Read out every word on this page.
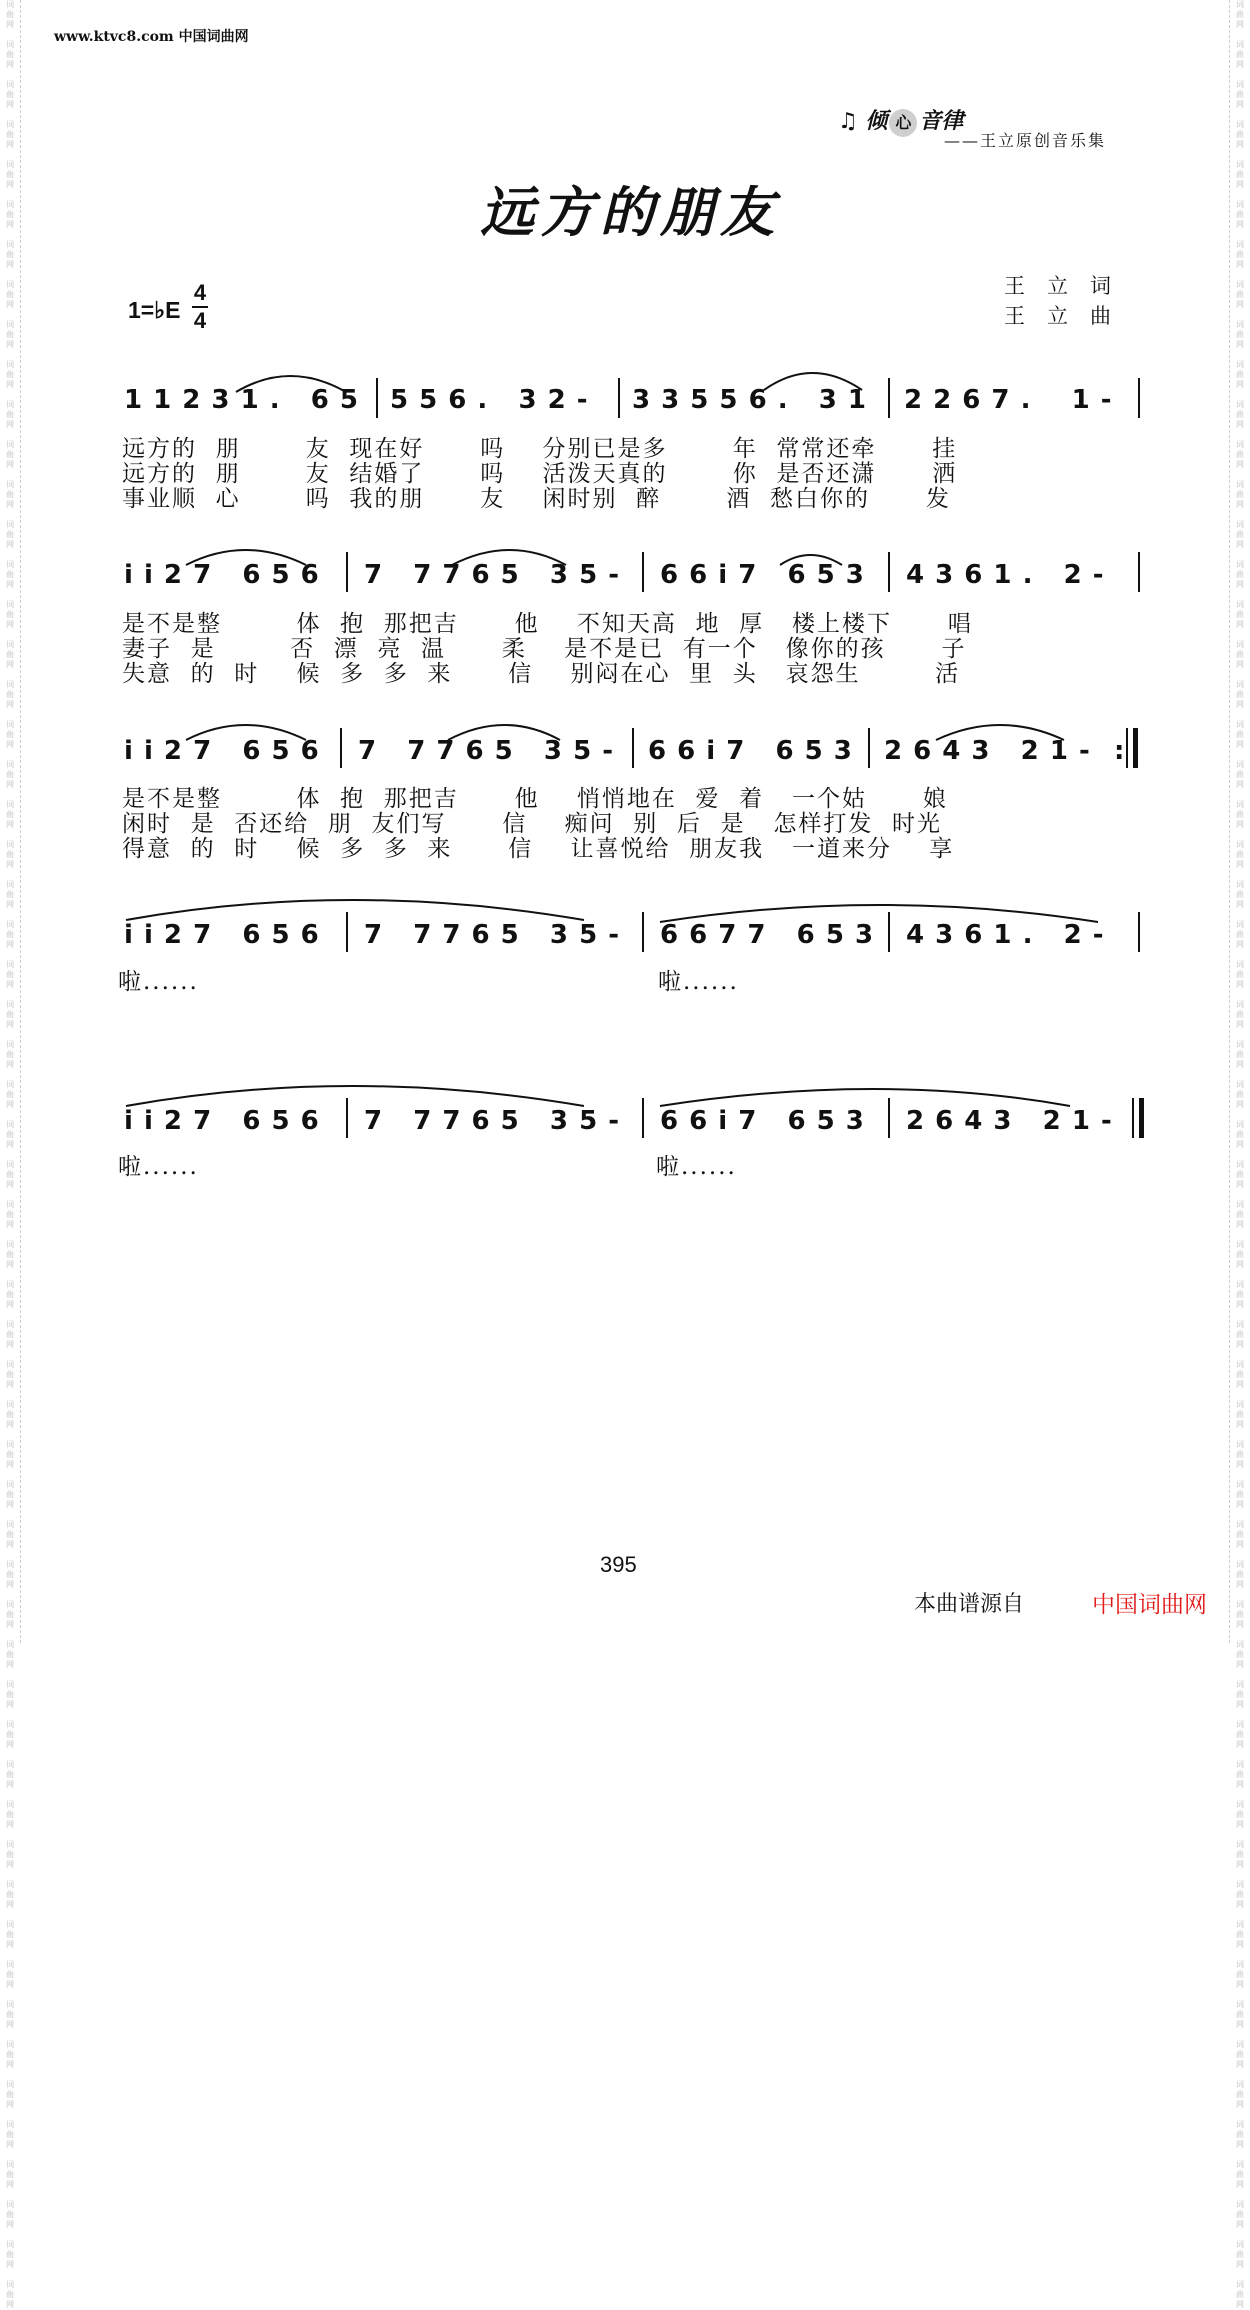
词
曲
网

词
曲
网

词
曲
网

词
曲
网

词
曲
网

词
曲
网

词
曲
网

词
曲
网

词
曲
网

词
曲
网

词
曲
网

词
曲
网

词
曲
网

词
曲
网

词
曲
网

词
曲
网

词
曲
网

词
曲
网

词
曲
网

词
曲
网

词
曲
网

词
曲
网

词
曲
网

词
曲
网

词
曲
网

词
曲
网

词
曲
网

词
曲
网

词
曲
网

词
曲
网

词
曲
网

词
曲
网

词
曲
网

词
曲
网

词
曲
网

词
曲
网

词
曲
网

词
曲
网

词
曲
网

词
曲
网

词
曲
网

词
曲
网

词
曲
网

词
曲
网

词
曲
网

词
曲
网

词
曲
网

词
曲
网

词
曲
网

词
曲
网

词
曲
网

词
曲
网

词
曲
网

词
曲
网

词
曲
网

词
曲
网

词
曲
网

词
曲
网

词
曲
网

词
曲
网

词
曲
网

词
曲
网

词
曲
网

词
曲
网

词
曲
网

词
曲
网

词
曲
网

词
曲
网

词
曲
网

词
曲
网

词
曲
网

词
曲
网

词
曲
网

词
曲
网

词
曲
网

词
曲
网

词
曲
网

词
曲
网

词
曲
网

词
曲
网

词
曲
网

词
曲
网

词
曲
网

词
曲
网

词
曲
网

词
曲
网

词
曲
网

词
曲
网

词
曲
网

词
曲
网

词
曲
网

词
曲
网

词
曲
网

词
曲
网

词
曲
网

词
曲
网

词
曲
网

词
曲
网

词
曲
网

词
曲
网

词
曲
网

词
曲
网

词
曲
网

词
曲
网

词
曲
网

词
曲
网

词
曲
网

词
曲
网

词
曲
网

词
曲
网

词
曲
网

词
曲
网

词
曲
网

词
曲
网

词
曲
网

词
曲
网

www.ktvc8.com 中国词曲网
♫ 倾 心 音律
——王立原创音乐集
远方的朋友
王立词
王立曲
1=♭E
4
4
1 1 2 3 1 .   6 5 5 5 6 .   3 2 - 3 3 5 5 6 .   3 1 2 2 6 7 .    1 -
远方的  朋       友  现在好      吗    分别已是多       年  常常还牵      挂
远方的  朋       友  结婚了      吗    活泼天真的       你  是否还潇      洒
事业顺  心       吗  我的朋      友    闲时别  醉       酒  愁白你的      发
i i 2 7   6 5 6 7   7 7 6 5   3 5 - 6 6 i 7   6 5 3 4 3 6 1 .   2 -
是不是整        体  抱  那把吉      他    不知天高  地  厚   楼上楼下      唱
妻子  是        否  漂  亮  温      柔    是不是已  有一个   像你的孩      子
失意  的  时    候  多  多  来      信    别闷在心  里  头   哀怨生        活
i i 2 7   6 5 6 7   7 7 6 5   3 5 - 6 6 i 7   6 5 3 2 6 4 3   2 1 - :
是不是整        体  抱  那把吉      他    悄悄地在  爱  着   一个姑      娘
闲时  是  否还给  朋  友们写      信    痴问  别  后  是   怎样打发  时光
得意  的  时    候  多  多  来      信    让喜悦给  朋友我   一道来分    享
i i 2 7   6 5 6 7   7 7 6 5   3 5 - 6 6 7 7   6 5 3 4 3 6 1 .   2 -
啦......	啦......
i i 2 7   6 5 6 7   7 7 6 5   3 5 - 6 6 i 7   6 5 3 2 6 4 3   2 1 -
啦......	啦......
395
本曲谱源自	中国词曲网
